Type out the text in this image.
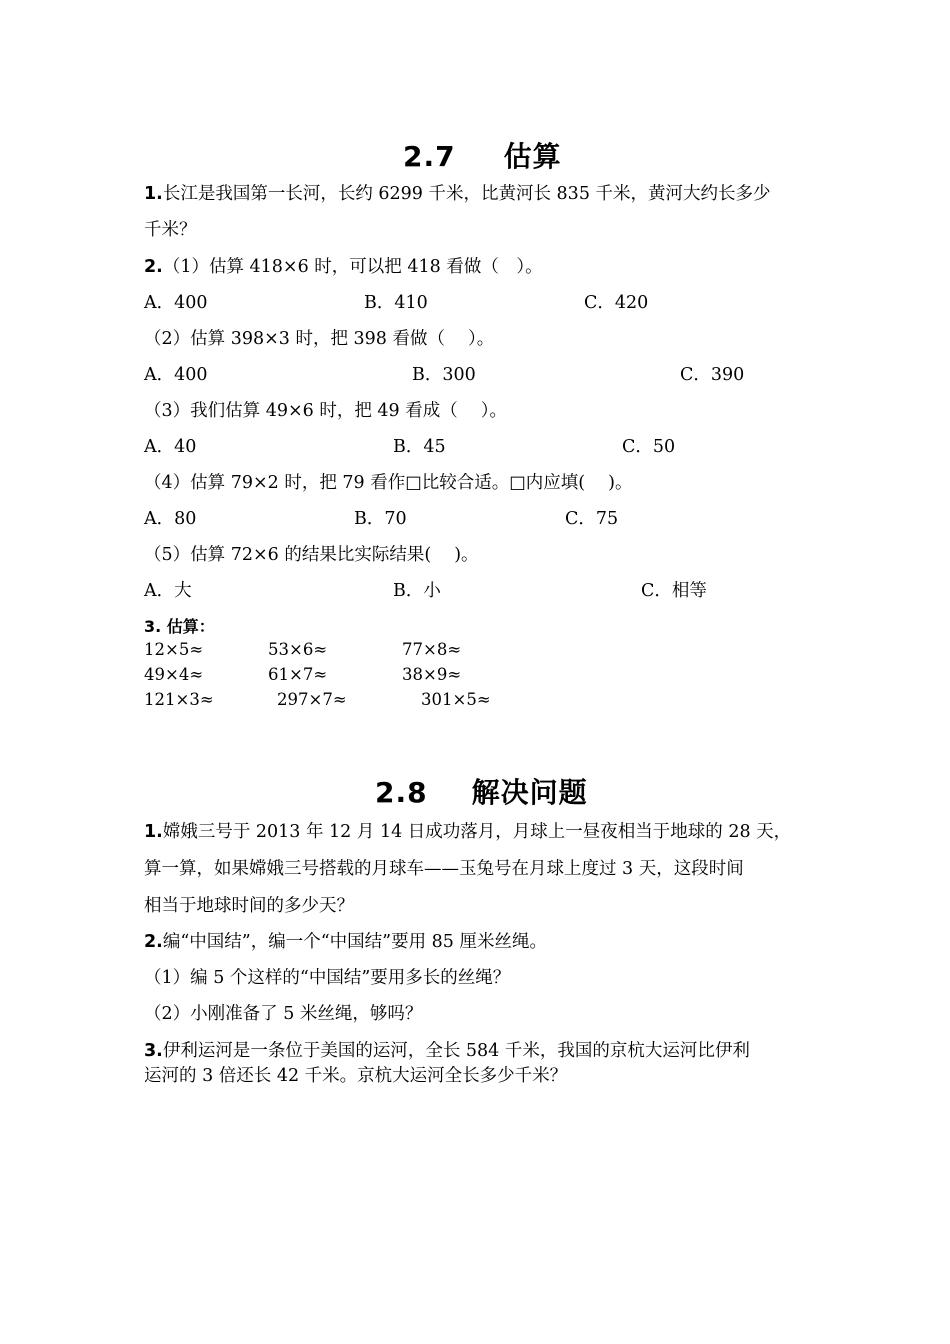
2.7 估算
1.长江是我国第一长河，长约 6299 千米，比黄河长 835 千米，黄河大约长多少
千米？
2.（1）估算 418×6 时，可以把 418 看做（　）。
A．400	B．410	C．420
（2）估算 398×3 时，把 398 看做（　 ）。
A．400	B．300	C．390
（3）我们估算 49×6 时，把 49 看成（　 ）。
A．40	B．45	C．50
（4）估算 79×2 时，把 79 看作□比较合适。□内应填(　 )。
A．80	B．70	C．75
（5）估算 72×6 的结果比实际结果(　 )。
A．大	B．小	C．相等
3. 估算：
12×5≈	53×6≈	77×8≈
49×4≈	61×7≈	38×9≈
121×3≈	297×7≈	301×5≈
2.8 解决问题
1.嫦娥三号于 2013 年 12 月 14 日成功落月，月球上一昼夜相当于地球的 28 天，
算一算，如果嫦娥三号搭载的月球车——玉兔号在月球上度过 3 天，这段时间
相当于地球时间的多少天？
2.编“中国结”，编一个“中国结”要用 85 厘米丝绳。
（1）编 5 个这样的“中国结”要用多长的丝绳？
（2）小刚准备了 5 米丝绳，够吗？
3.伊利运河是一条位于美国的运河，全长 584 千米，我国的京杭大运河比伊利
运河的 3 倍还长 42 千米。京杭大运河全长多少千米？
